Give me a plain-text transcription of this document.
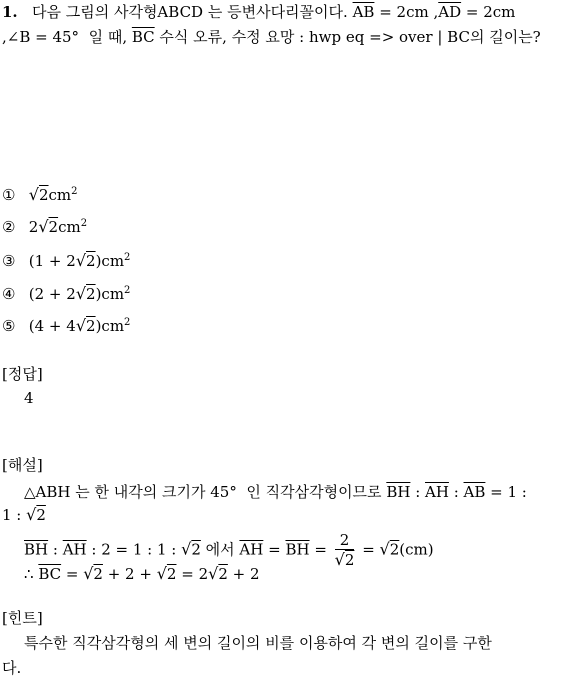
1.   다음 그림의 사각형ABCD 는 등변사다리꼴이다. $\overline{AB} = 2cm$ $,\overline{AD} = 2cm$
,∠B = 45°  일 때, $\overline{BC}$ 수식 오류, 수정 요망 : hwp eq => over | BC의 길이는?
① $√2cm^2$
② $2√2cm^2$
③ $(1 + 2√2)cm^2$
④ $(2 + 2√2)cm^2$
⑤ $(4 + 4√2)cm^2$
[정답]
4
[해설]
△ABH 는 한 내각의 크기가 45°  인 직각삼각형이므로 $\overline{BH}$ : $\overline{AH}$ : $\overline{AB} = 1$ :
1 : √2
$\overline{BH}$ : $\overline{AH}$ : 2 = 1 : 1 : √2 에서 $\overline{AH} = \overline{BH} = \frac{2}{√2} = √2(cm)$
∴ $\overline{BC} = √2 + 2 + √2 = 2√2 + 2$
[힌트]
특수한 직각삼각형의 세 변의 길이의 비를 이용하여 각 변의 길이를 구한
다.
